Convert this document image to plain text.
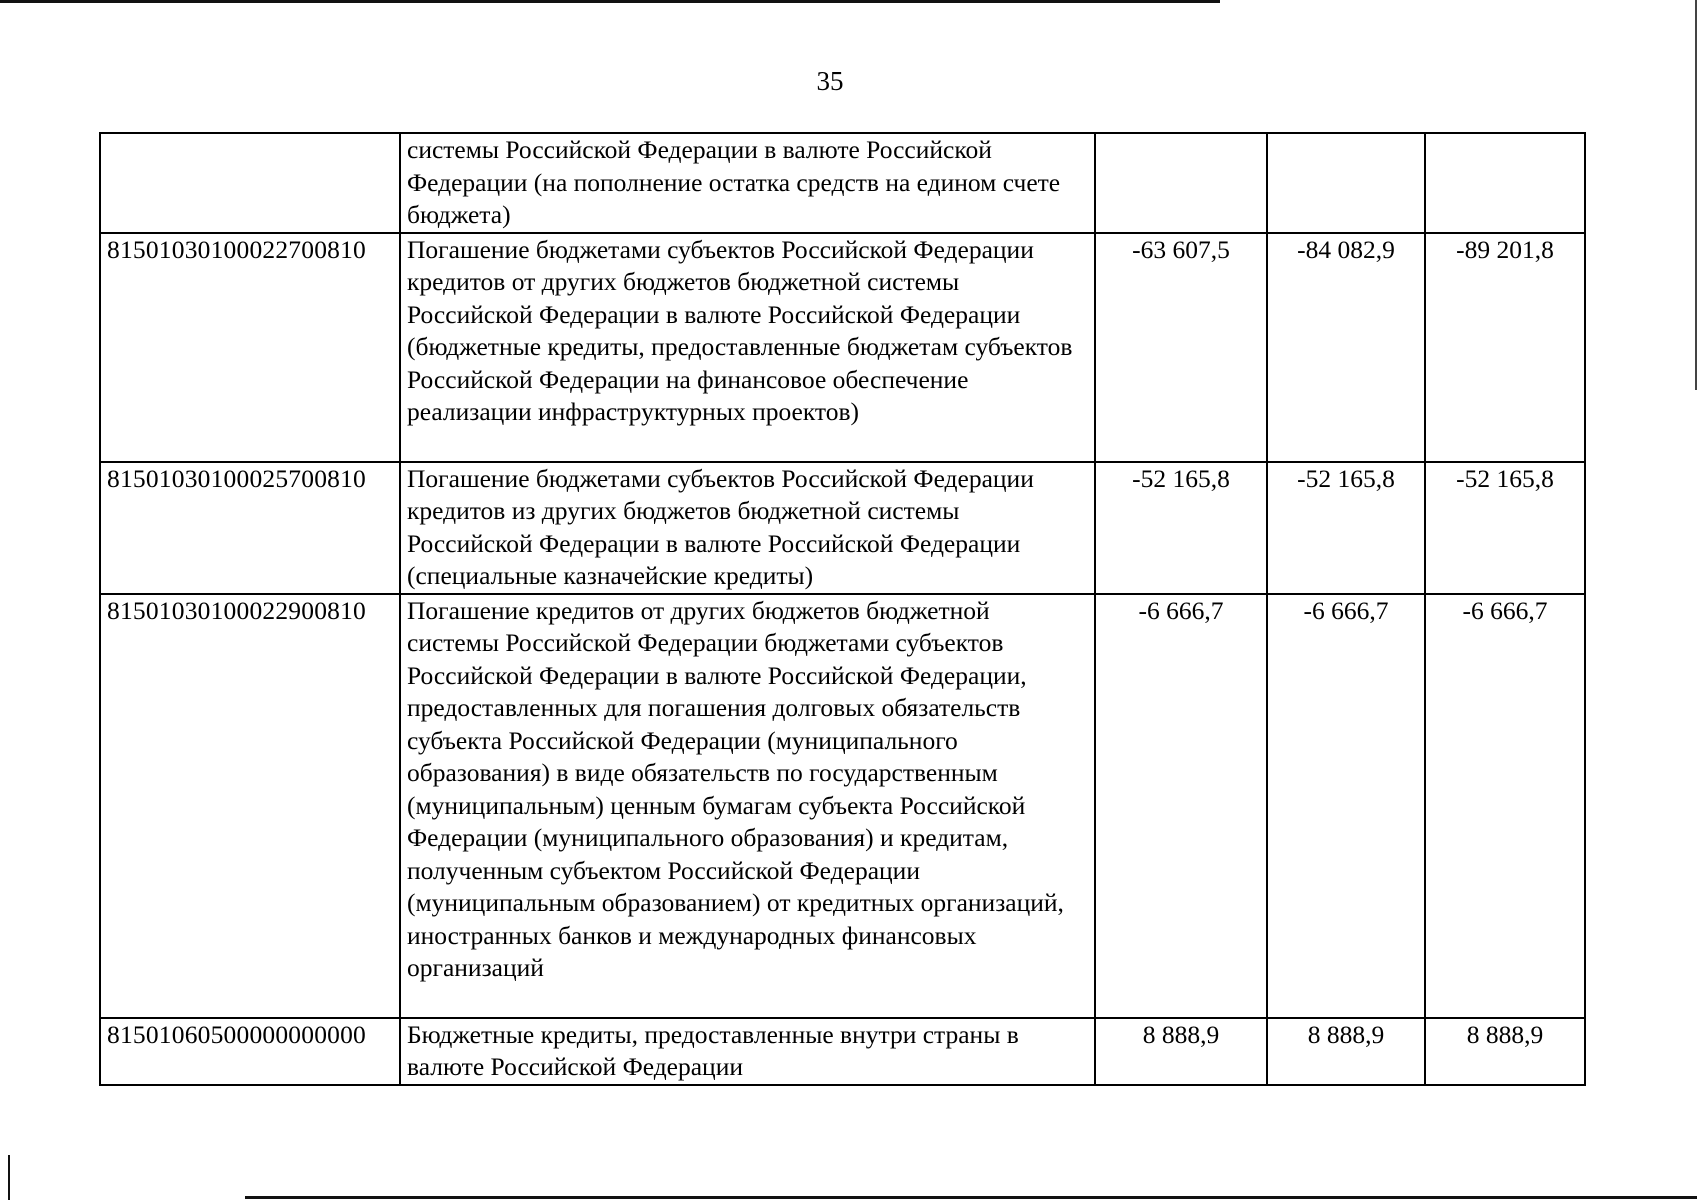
35
	системы Российской Федерации в валюте Российской Федерации (на пополнение остатка средств на едином счете бюджета)			
81501030100022700810	Погашение бюджетами субъектов Российской Федерации кредитов от других бюджетов бюджетной системы Российской Федерации в валюте Российской Федерации (бюджетные кредиты, предоставленные бюджетам субъектов Российской Федерации на финансовое обеспечение реализации инфраструктурных проектов)	-63 607,5	-84 082,9	-89 201,8
81501030100025700810	Погашение бюджетами субъектов Российской Федерации кредитов из других бюджетов бюджетной системы Российской Федерации в валюте Российской Федерации (специальные казначейские кредиты)	-52 165,8	-52 165,8	-52 165,8
81501030100022900810	Погашение кредитов от других бюджетов бюджетной системы Российской Федерации бюджетами субъектов Российской Федерации в валюте Российской Федерации, предоставленных для погашения долговых обязательств субъекта Российской Федерации (муниципального образования) в виде обязательств по государственным (муниципальным) ценным бумагам субъекта Российской Федерации (муниципального образования) и кредитам, полученным субъектом Российской Федерации (муниципальным образованием) от кредитных организаций, иностранных банков и международных финансовых организаций	-6 666,7	-6 666,7	-6 666,7
81501060500000000000	Бюджетные кредиты, предоставленные внутри страны в валюте Российской Федерации	8 888,9	8 888,9	8 888,9
